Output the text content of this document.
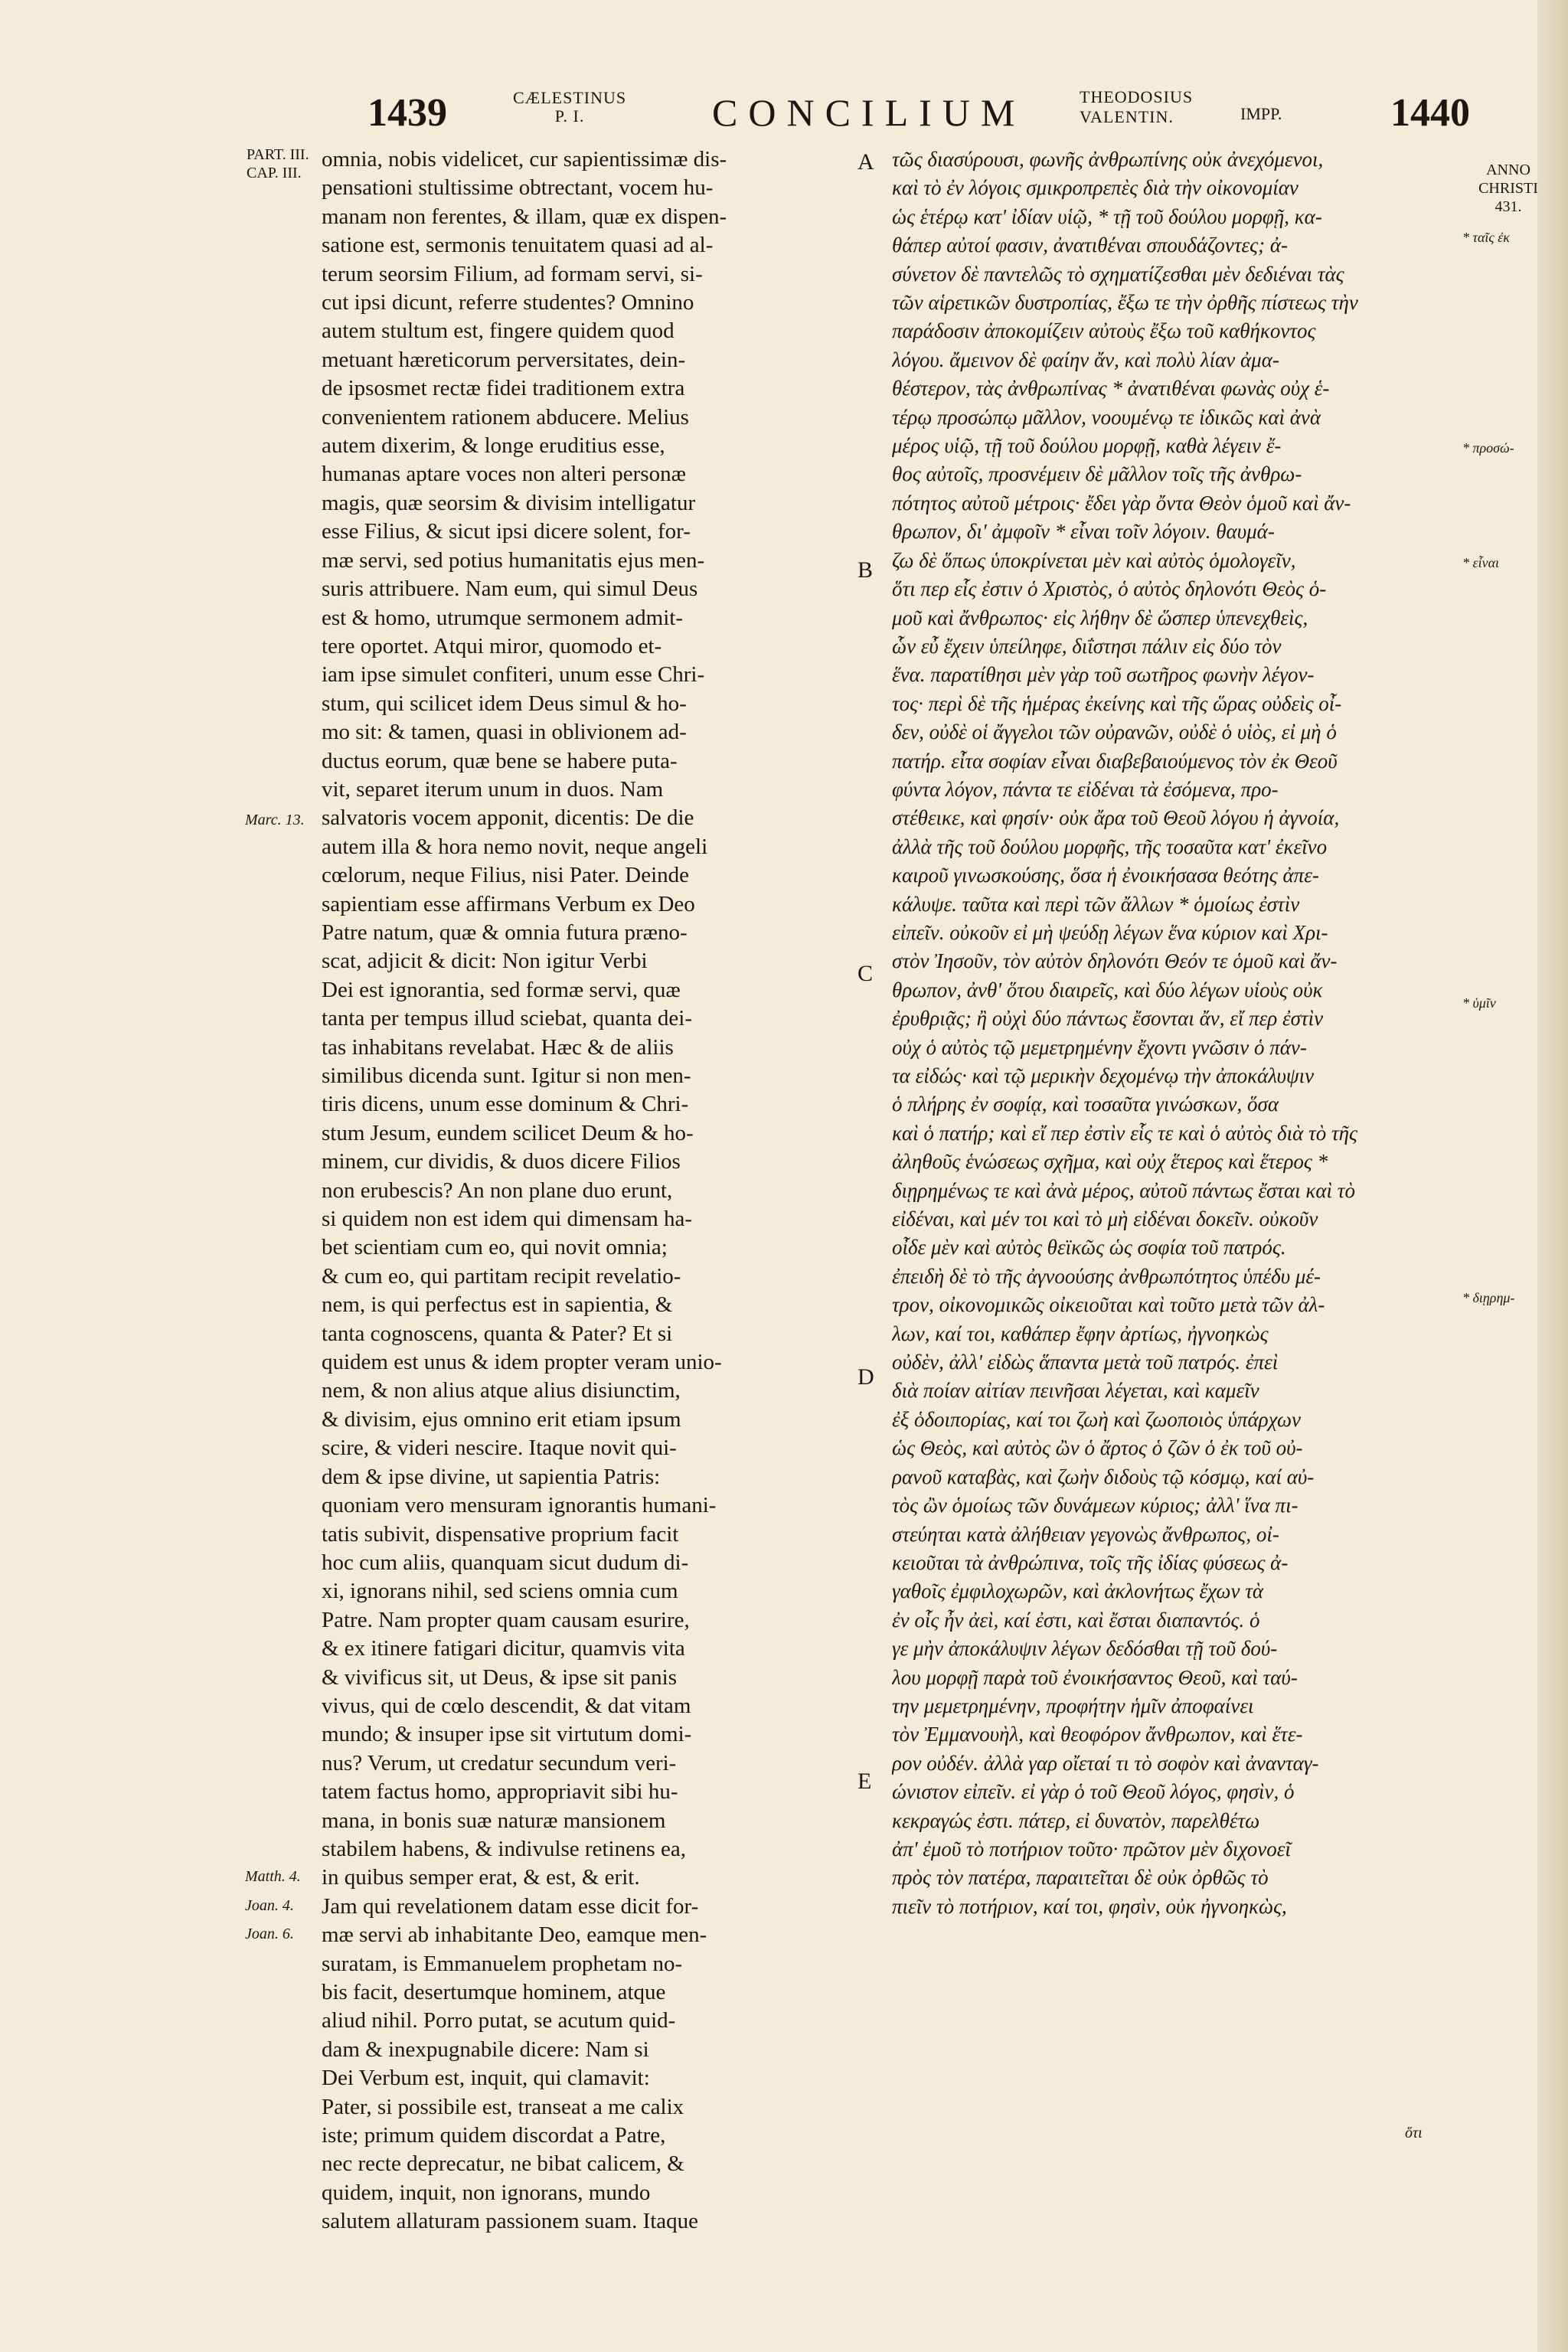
1439	CÆLESTINUS
P. I.	CONCILIUM	THEODOSIUS
VALENTIN.	IMPP.	1440
PART. III.
CAP. III.
Marc. 13.
Matth. 4.
Joan. 4.
Joan. 6.
omnia, nobis videlicet, cur sapientissimæ dis-
pensationi stultissime obtrectant, vocem hu-
manam non ferentes, & illam, quæ ex dispen-
satione est, sermonis tenuitatem quasi ad al-
terum seorsim Filium, ad formam servi, si-
cut ipsi dicunt, referre studentes? Omnino
autem stultum est, fingere quidem quod
metuant hæreticorum perversitates, dein-
de ipsosmet rectæ fidei traditionem extra
convenientem rationem abducere. Melius
autem dixerim, & longe eruditius esse,
humanas aptare voces non alteri personæ
magis, quæ seorsim & divisim intelligatur
esse Filius, & sicut ipsi dicere solent, for-
mæ servi, sed potius humanitatis ejus men-
suris attribuere. Nam eum, qui simul Deus
est & homo, utrumque sermonem admit-
tere oportet. Atqui miror, quomodo et-
iam ipse simulet confiteri, unum esse Chri-
stum, qui scilicet idem Deus simul & ho-
mo sit: & tamen, quasi in oblivionem ad-
ductus eorum, quæ bene se habere puta-
vit, separet iterum unum in duos. Nam
salvatoris vocem apponit, dicentis: De die
autem illa & hora nemo novit, neque angeli
cœlorum, neque Filius, nisi Pater. Deinde
sapientiam esse affirmans Verbum ex Deo
Patre natum, quæ & omnia futura præno-
scat, adjicit & dicit: Non igitur Verbi
Dei est ignorantia, sed formæ servi, quæ
tanta per tempus illud sciebat, quanta dei-
tas inhabitans revelabat. Hæc & de aliis
similibus dicenda sunt. Igitur si non men-
tiris dicens, unum esse dominum & Chri-
stum Jesum, eundem scilicet Deum & ho-
minem, cur dividis, & duos dicere Filios
non erubescis? An non plane duo erunt,
si quidem non est idem qui dimensam ha-
bet scientiam cum eo, qui novit omnia;
& cum eo, qui partitam recipit revelatio-
nem, is qui perfectus est in sapientia, &
tanta cognoscens, quanta & Pater? Et si
quidem est unus & idem propter veram unio-
nem, & non alius atque alius disiunctim,
& divisim, ejus omnino erit etiam ipsum
scire, & videri nescire. Itaque novit qui-
dem & ipse divine, ut sapientia Patris:
quoniam vero mensuram ignorantis humani-
tatis subivit, dispensative proprium facit
hoc cum aliis, quanquam sicut dudum di-
xi, ignorans nihil, sed sciens omnia cum
Patre. Nam propter quam causam esurire,
& ex itinere fatigari dicitur, quamvis vita
& vivificus sit, ut Deus, & ipse sit panis
vivus, qui de cœlo descendit, & dat vitam
mundo; & insuper ipse sit virtutum domi-
nus? Verum, ut credatur secundum veri-
tatem factus homo, appropriavit sibi hu-
mana, in bonis suæ naturæ mansionem
stabilem habens, & indivulse retinens ea,
in quibus semper erat, & est, & erit.
Jam qui revelationem datam esse dicit for-
mæ servi ab inhabitante Deo, eamque men-
suratam, is Emmanuelem prophetam no-
bis facit, desertumque hominem, atque
aliud nihil. Porro putat, se acutum quid-
dam & inexpugnabile dicere: Nam si
Dei Verbum est, inquit, qui clamavit:
Pater, si possibile est, transeat a me calix
iste; primum quidem discordat a Patre,
nec recte deprecatur, ne bibat calicem, &
quidem, inquit, non ignorans, mundo
salutem allaturam passionem suam. Itaque
A
B
C
D
E
τῶς διασύρουσι, φωνῆς ἀνθρωπίνης οὐκ ἀνεχόμενοι,
καὶ τὸ ἐν λόγοις σμικροπρεπὲς διὰ τὴν οἰκονομίαν
ὡς ἑτέρῳ κατ' ἰδίαν υἱῷ, * τῇ τοῦ δούλου μορφῇ, κα-
θάπερ αὐτοί φασιν, ἀνατιθέναι σπουδάζοντες; ἀ-
σύνετον δὲ παντελῶς τὸ σχηματίζεσθαι μὲν δεδιέναι τὰς
τῶν αἱρετικῶν δυστροπίας, ἔξω τε τὴν ὀρθῆς πίστεως τὴν
παράδοσιν ἀποκομίζειν αὐτοὺς ἔξω τοῦ καθήκοντος
λόγου. ἄμεινον δὲ φαίην ἄν, καὶ πολὺ λίαν ἀμα-
θέστερον, τὰς ἀνθρωπίνας * ἀνατιθέναι φωνὰς οὐχ ἑ-
τέρῳ προσώπῳ μᾶλλον, νοουμένῳ τε ἰδικῶς καὶ ἀνὰ
μέρος υἱῷ, τῇ τοῦ δούλου μορφῇ, καθὰ λέγειν ἔ-
θος αὐτοῖς, προσνέμειν δὲ μᾶλλον τοῖς τῆς ἀνθρω-
πότητος αὐτοῦ μέτροις· ἔδει γὰρ ὄντα Θεὸν ὁμοῦ καὶ ἄν-
θρωπον, δι' ἀμφοῖν * εἶναι τοῖν λόγοιν. θαυμά-
ζω δὲ ὅπως ὑποκρίνεται μὲν καὶ αὐτὸς ὁμολογεῖν,
ὅτι περ εἷς ἐστιν ὁ Χριστὸς, ὁ αὐτὸς δηλονότι Θεὸς ὁ-
μοῦ καὶ ἄνθρωπος· εἰς λήθην δὲ ὥσπερ ὑπενεχθεὶς,
ὧν εὖ ἔχειν ὑπείληφε, διΐστησι πάλιν εἰς δύο τὸν
ἕνα. παρατίθησι μὲν γὰρ τοῦ σωτῆρος φωνὴν λέγον-
τος· περὶ δὲ τῆς ἡμέρας ἐκείνης καὶ τῆς ὥρας οὐδεὶς οἶ-
δεν, οὐδὲ οἱ ἄγγελοι τῶν οὐρανῶν, οὐδὲ ὁ υἱὸς, εἰ μὴ ὁ
πατήρ. εἶτα σοφίαν εἶναι διαβεβαιούμενος τὸν ἐκ Θεοῦ
φύντα λόγον, πάντα τε εἰδέναι τὰ ἐσόμενα, προ-
στέθεικε, καὶ φησίν· οὐκ ἄρα τοῦ Θεοῦ λόγου ἡ ἀγνοία,
ἀλλὰ τῆς τοῦ δούλου μορφῆς, τῆς τοσαῦτα κατ' ἐκεῖνο
καιροῦ γινωσκούσης, ὅσα ἡ ἐνοικήσασα θεότης ἀπε-
κάλυψε. ταῦτα καὶ περὶ τῶν ἄλλων * ὁμοίως ἐστὶν
εἰπεῖν. οὐκοῦν εἰ μὴ ψεύδῃ λέγων ἕνα κύριον καὶ Χρι-
στὸν Ἰησοῦν, τὸν αὐτὸν δηλονότι Θεόν τε ὁμοῦ καὶ ἄν-
θρωπον, ἀνθ' ὅτου διαιρεῖς, καὶ δύο λέγων υἱοὺς οὐκ
ἐρυθριᾷς; ἢ οὐχὶ δύο πάντως ἔσονται ἄν, εἴ περ ἐστὶν
οὐχ ὁ αὐτὸς τῷ μεμετρημένην ἔχοντι γνῶσιν ὁ πάν-
τα εἰδώς· καὶ τῷ μερικὴν δεχομένῳ τὴν ἀποκάλυψιν
ὁ πλήρης ἐν σοφίᾳ, καὶ τοσαῦτα γινώσκων, ὅσα
καὶ ὁ πατήρ; καὶ εἴ περ ἐστὶν εἷς τε καὶ ὁ αὐτὸς διὰ τὸ τῆς
ἀληθοῦς ἑνώσεως σχῆμα, καὶ οὐχ ἕτερος καὶ ἕτερος *
διῃρημένως τε καὶ ἀνὰ μέρος, αὐτοῦ πάντως ἔσται καὶ τὸ
εἰδέναι, καὶ μέν τοι καὶ τὸ μὴ εἰδέναι δοκεῖν. οὐκοῦν
οἶδε μὲν καὶ αὐτὸς θεϊκῶς ὡς σοφία τοῦ πατρός.
ἐπειδὴ δὲ τὸ τῆς ἀγνοούσης ἀνθρωπότητος ὑπέδυ μέ-
τρον, οἰκονομικῶς οἰκειοῦται καὶ τοῦτο μετὰ τῶν ἀλ-
λων, καί τοι, καθάπερ ἔφην ἀρτίως, ἠγνοηκὼς
οὐδὲν, ἀλλ' εἰδὼς ἅπαντα μετὰ τοῦ πατρός. ἐπεὶ
διὰ ποίαν αἰτίαν πεινῆσαι λέγεται, καὶ καμεῖν
ἐξ ὁδοιπορίας, καί τοι ζωὴ καὶ ζωοποιὸς ὑπάρχων
ὡς Θεὸς, καὶ αὐτὸς ὢν ὁ ἄρτος ὁ ζῶν ὁ ἐκ τοῦ οὐ-
ρανοῦ καταβὰς, καὶ ζωὴν διδοὺς τῷ κόσμῳ, καί αὐ-
τὸς ὢν ὁμοίως τῶν δυνάμεων κύριος; ἀλλ' ἵνα πι-
στεύηται κατὰ ἀλήθειαν γεγονὼς ἄνθρωπος, οἰ-
κειοῦται τὰ ἀνθρώπινα, τοῖς τῆς ἰδίας φύσεως ἀ-
γαθοῖς ἐμφιλοχωρῶν, καὶ ἀκλονήτως ἔχων τὰ
ἐν οἷς ἦν ἀεὶ, καί ἐστι, καὶ ἔσται διαπαντός. ὁ
γε μὴν ἀποκάλυψιν λέγων δεδόσθαι τῇ τοῦ δού-
λου μορφῇ παρὰ τοῦ ἐνοικήσαντος Θεοῦ, καὶ ταύ-
την μεμετρημένην, προφήτην ἡμῖν ἀποφαίνει
τὸν Ἐμμανουὴλ, καὶ θεοφόρον ἄνθρωπον, καὶ ἕτε-
ρον οὐδέν. ἀλλὰ γαρ οἴεταί τι τὸ σοφὸν καὶ ἀνανταγ-
ώνιστον εἰπεῖν. εἰ γὰρ ὁ τοῦ Θεοῦ λόγος, φησὶν, ὁ
κεκραγώς ἐστι. πάτερ, εἰ δυνατὸν, παρελθέτω
ἀπ' ἐμοῦ τὸ ποτήριον τοῦτο· πρῶτον μὲν διχονοεῖ
πρὸς τὸν πατέρα, παραιτεῖται δὲ οὐκ ὀρθῶς τὸ
πιεῖν τὸ ποτήριον, καί τοι, φησὶν, οὐκ ἠγνοηκὼς,
ANNO
CHRISTI
431.
* ταῖς ἐκ
* προσώ-
* εἶναι
* ὑμῖν
* διῃρημ-
ὅτι
